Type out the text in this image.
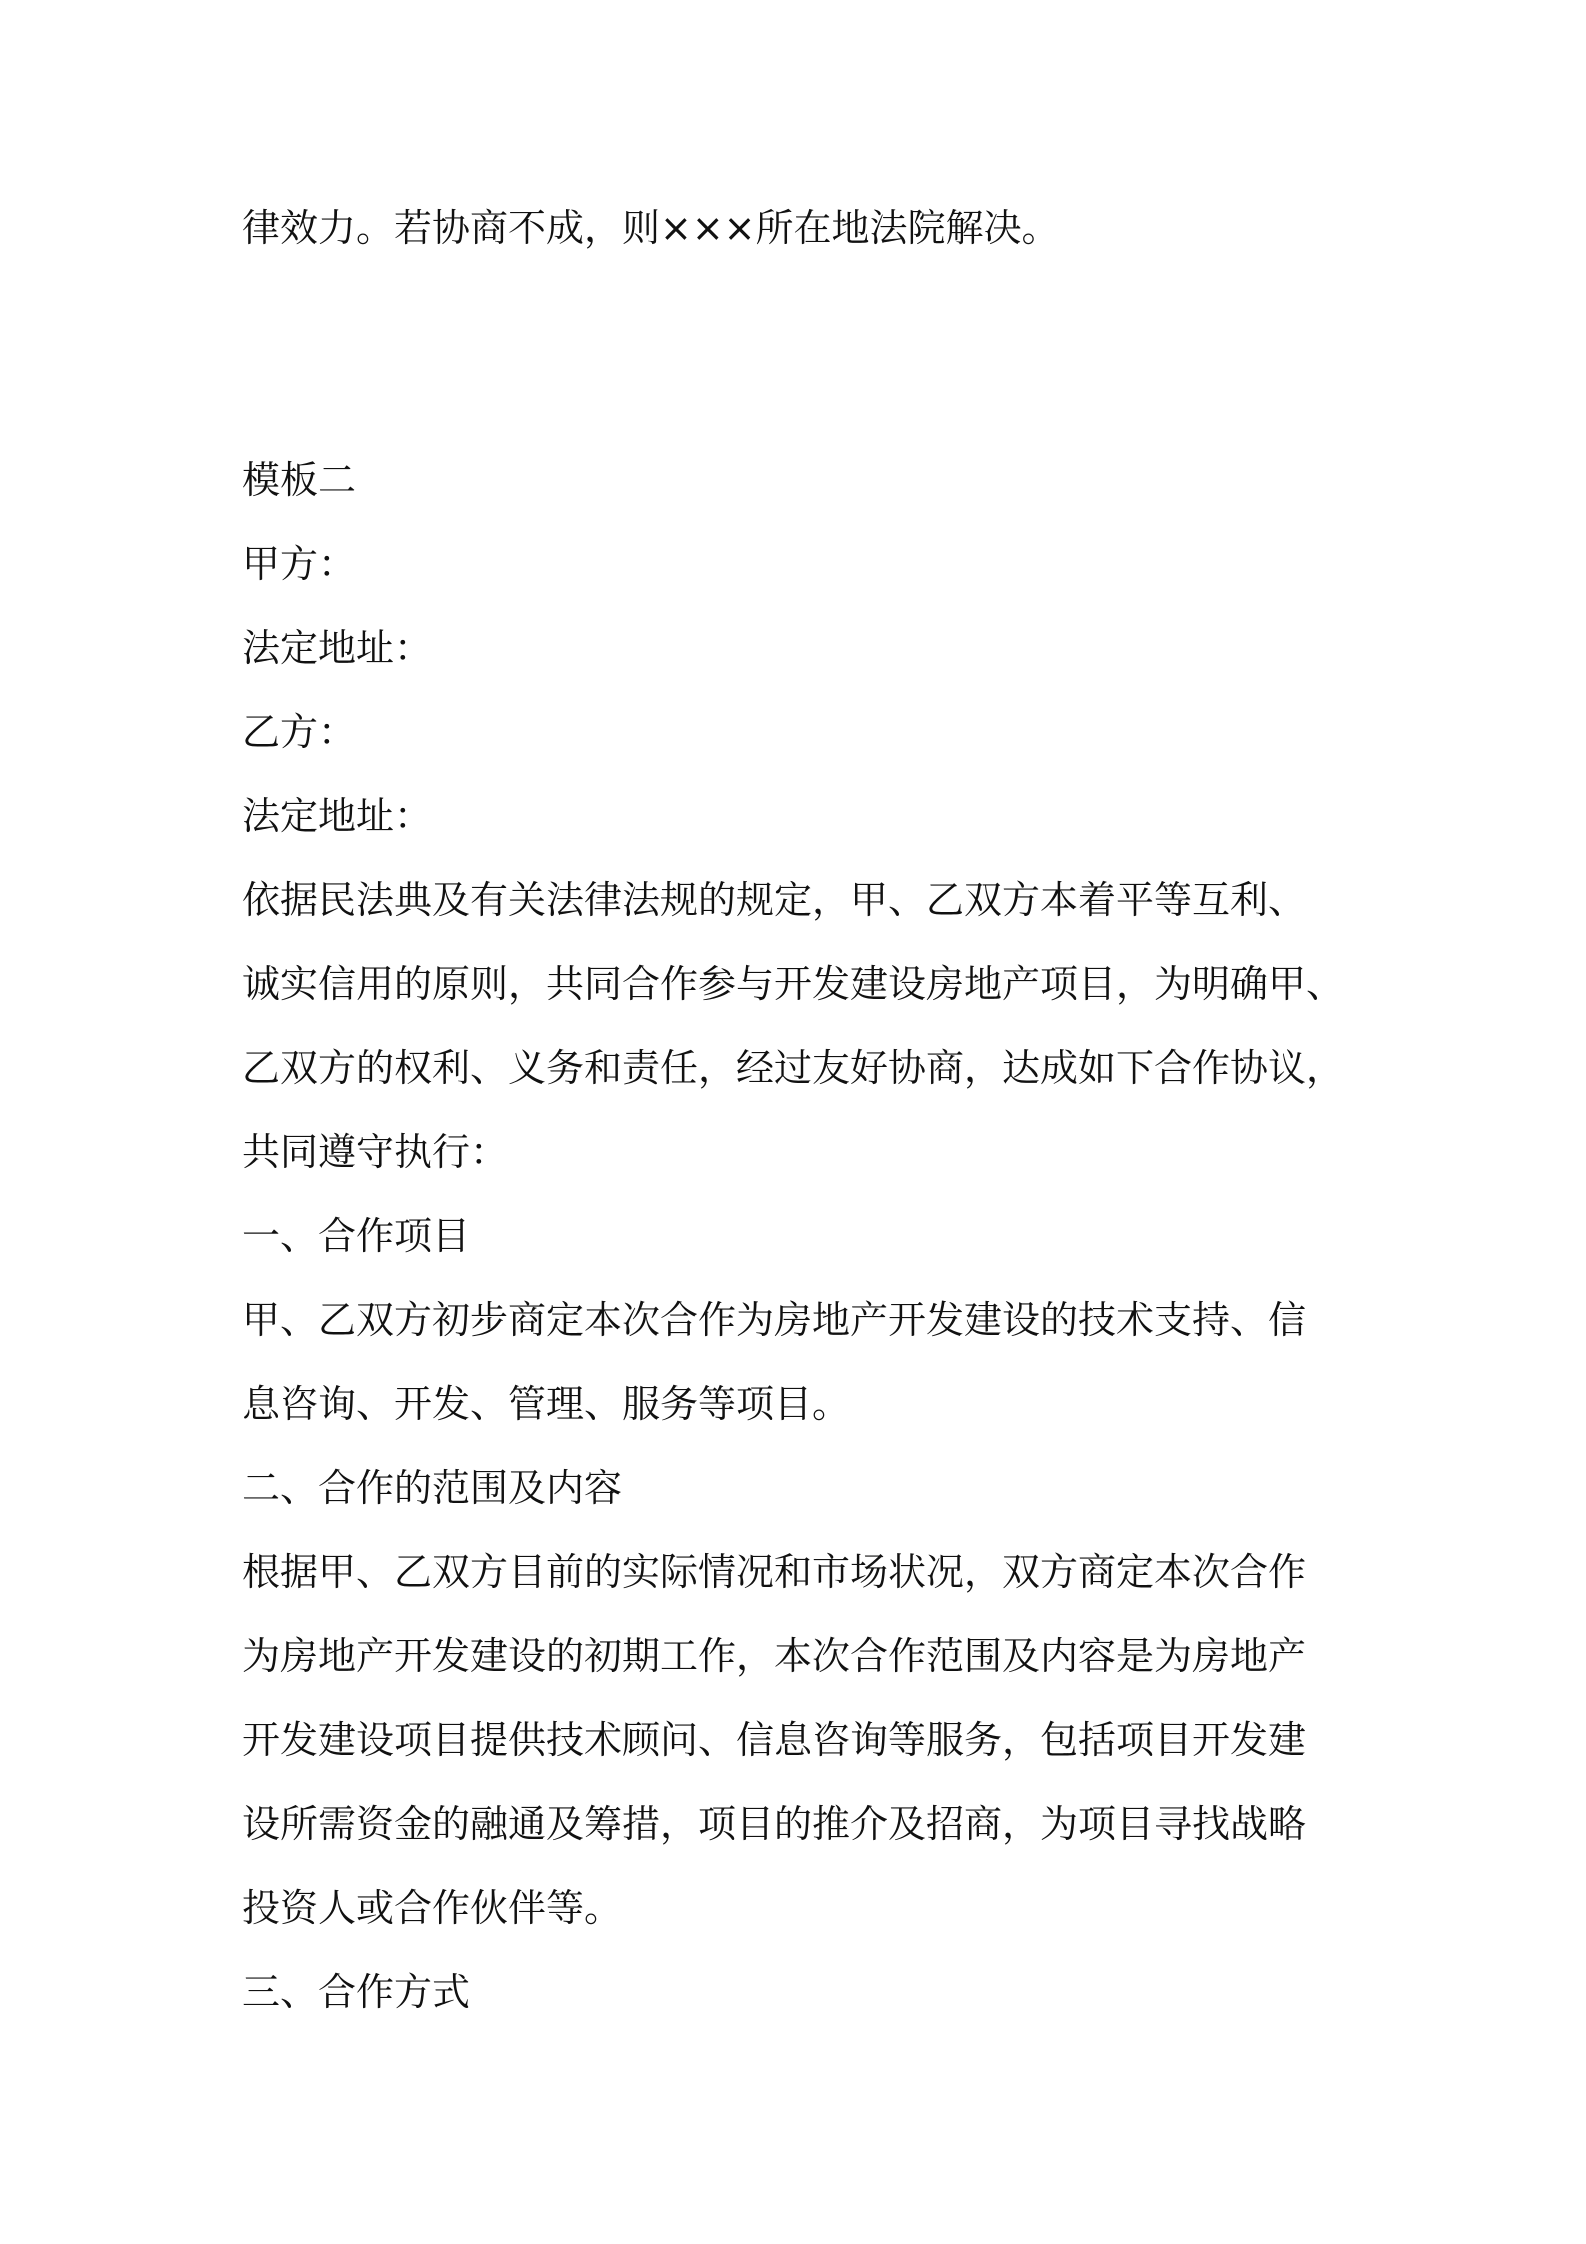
律效力。若协商不成，则×××所在地法院解决。

模板二

甲方：

法定地址：

乙方：

法定地址：

依据民法典及有关法律法规的规定，甲、乙双方本着平等互利、

诚实信用的原则，共同合作参与开发建设房地产项目，为明确甲、

乙双方的权利、义务和责任，经过友好协商，达成如下合作协议，

共同遵守执行：

一、合作项目

甲、乙双方初步商定本次合作为房地产开发建设的技术支持、信

息咨询、开发、管理、服务等项目。

二、合作的范围及内容

根据甲、乙双方目前的实际情况和市场状况，双方商定本次合作

为房地产开发建设的初期工作，本次合作范围及内容是为房地产

开发建设项目提供技术顾问、信息咨询等服务，包括项目开发建

设所需资金的融通及筹措，项目的推介及招商，为项目寻找战略

投资人或合作伙伴等。

三、合作方式
